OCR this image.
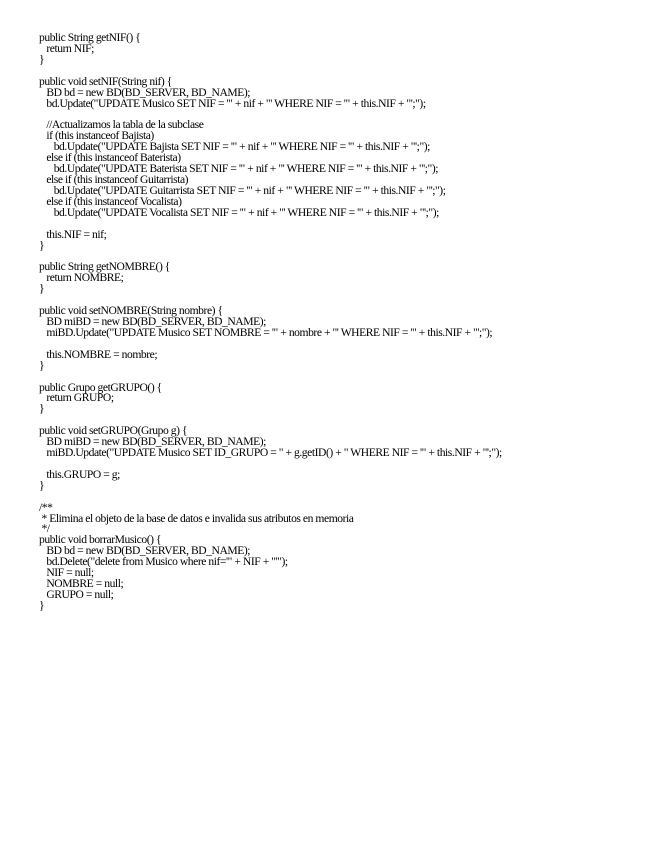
public String getNIF() {
return NIF;
}
public void setNIF(String nif) {
BD bd = new BD(BD_SERVER, BD_NAME);
bd.Update("UPDATE Musico SET NIF = '" + nif + "' WHERE NIF = '" + this.NIF + "';");
//Actualizamos la tabla de la subclase
if (this instanceof Bajista)
bd.Update("UPDATE Bajista SET NIF = '" + nif + "' WHERE NIF = '" + this.NIF + "';");
else if (this instanceof Baterista)
bd.Update("UPDATE Baterista SET NIF = '" + nif + "' WHERE NIF = '" + this.NIF + "';");
else if (this instanceof Guitarrista)
bd.Update("UPDATE Guitarrista SET NIF = '" + nif + "' WHERE NIF = '" + this.NIF + "';");
else if (this instanceof Vocalista)
bd.Update("UPDATE Vocalista SET NIF = '" + nif + "' WHERE NIF = '" + this.NIF + "';");
this.NIF = nif;
}
public String getNOMBRE() {
return NOMBRE;
}
public void setNOMBRE(String nombre) {
BD miBD = new BD(BD_SERVER, BD_NAME);
miBD.Update("UPDATE Musico SET NOMBRE = '" + nombre + "' WHERE NIF = '" + this.NIF + "';");
this.NOMBRE = nombre;
}
public Grupo getGRUPO() {
return GRUPO;
}
public void setGRUPO(Grupo g) {
BD miBD = new BD(BD_SERVER, BD_NAME);
miBD.Update("UPDATE Musico SET ID_GRUPO = " + g.getID() + " WHERE NIF = '" + this.NIF + "';");
this.GRUPO = g;
}
/**
* Elimina el objeto de la base de datos e invalida sus atributos en memoria
*/
public void borrarMusico() {
BD bd = new BD(BD_SERVER, BD_NAME);
bd.Delete("delete from Musico where nif='" + NIF + "'");
NIF = null;
NOMBRE = null;
GRUPO = null;
}
